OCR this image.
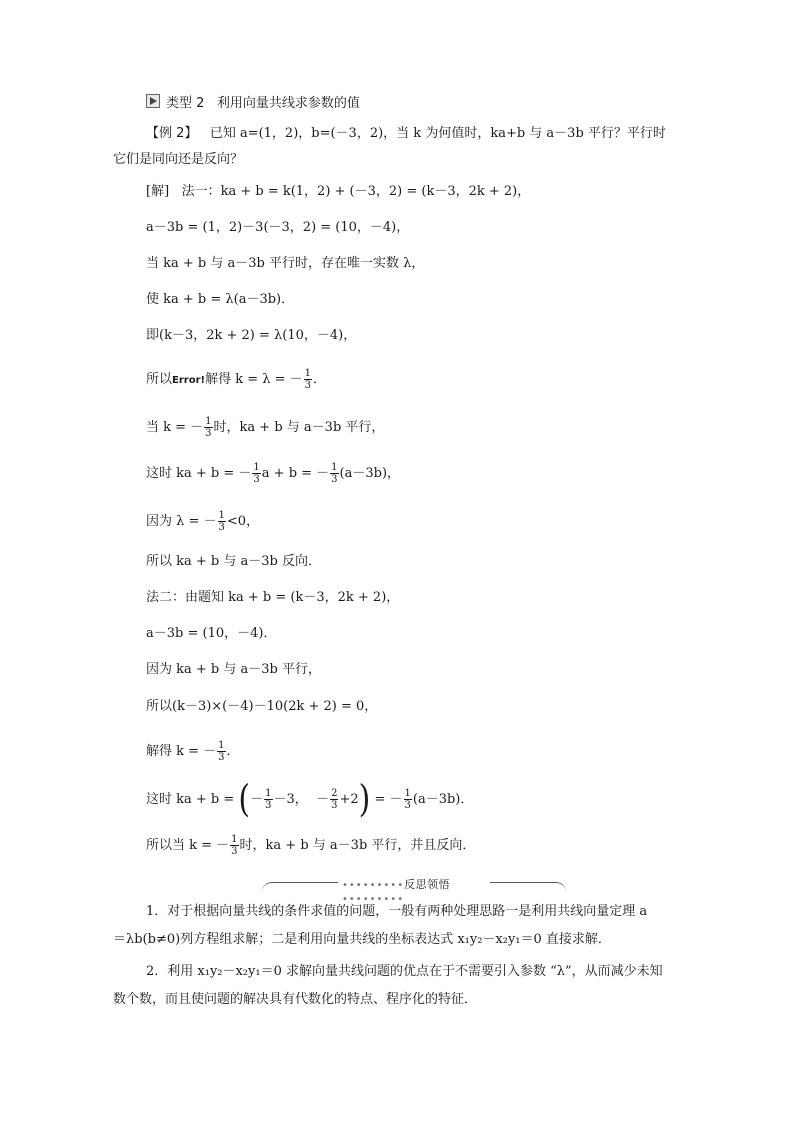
类型 2 利用向量共线求参数的值
【例 2】 已知 a=(1，2)，b=(－3，2)，当 k 为何值时，ka+b 与 a－3b 平行？平行时
它们是同向还是反向？
[解] 法一：ka + b = k(1，2) + (－3，2) = (k－3，2k + 2)，
a－3b = (1，2)－3(－3，2) = (10，－4)，
当 ka + b 与 a－3b 平行时，存在唯一实数 λ，
使 ka + b = λ(a－3b)．
即(k－3，2k + 2) = λ(10，－4)，
所以Error!解得 k = λ = － $\frac{1}{3}$ ．
当 k = － $\frac{1}{3}$ 时，ka + b 与 a－3b 平行，
这时 ka + b = － $\frac{1}{3}$ a + b = － $\frac{1}{3} (a-3b)$，
因为 λ = － $\frac{1}{3} <0$，
所以 ka + b 与 a－3b 反向．
法二：由题知 ka + b = (k－3，2k + 2)，
a－3b = (10，－4)．
因为 ka + b 与 a－3b 平行，
所以(k－3)×(－4)－10(2k + 2) = 0，
解得 k = － $\frac{1}{3}$ ．
这时 ka + b = (－ $\frac{1}{3} -3$， － $\frac{2}{3} +2$) = － $\frac{1}{3} (a-3b)$．
所以当 k = － $\frac{1}{3}$ 时，ka + b 与 a－3b 平行，并且反向．
•••••••••反思领悟•••••••••
1．对于根据向量共线的条件求值的问题，一般有两种处理思路一是利用共线向量定理 a
＝λb(b≠0)列方程组求解；二是利用向量共线的坐标表达式 x₁y₂－x₂y₁＝0 直接求解．
2．利用 x₁y₂－x₂y₁＝0 求解向量共线问题的优点在于不需要引入参数 “λ”，从而减少未知
数个数，而且使问题的解决具有代数化的特点、程序化的特征．
